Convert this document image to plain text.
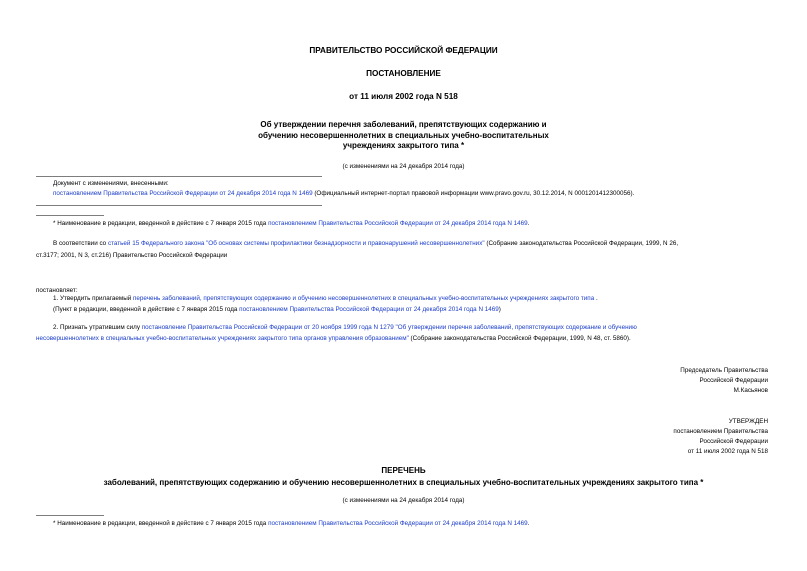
ПРАВИТЕЛЬСТВО РОССИЙСКОЙ ФЕДЕРАЦИИ
ПОСТАНОВЛЕНИЕ
от 11 июля 2002 года N 518
Об утверждении перечня заболеваний, препятствующих содержанию и
обучению несовершеннолетних в специальных учебно-воспитательных
учреждениях закрытого типа *
(с изменениями на 24 декабря 2014 года)
Документ с изменениями, внесенными:
постановлением Правительства Российской Федерации от 24 декабря 2014 года N 1469 (Официальный интернет-портал правовой информации www.pravo.gov.ru, 30.12.2014, N 0001201412300056).
* Наименование в редакции, введенной в действие с 7 января 2015 года постановлением Правительства Российской Федерации от 24 декабря 2014 года N 1469.
В соответствии со статьей 15 Федерального закона "Об основах системы профилактики безнадзорности и правонарушений несовершеннолетних" (Собрание законодательства Российской Федерации, 1999, N 26,
ст.3177; 2001, N 3, ст.216) Правительство Российской Федерации
постановляет:
1. Утвердить прилагаемый перечень заболеваний, препятствующих содержанию и обучению несовершеннолетних в специальных учебно-воспитательных учреждениях закрытого типа .
(Пункт в редакции, введенной в действие с 7 января 2015 года постановлением Правительства Российской Федерации от 24 декабря 2014 года N 1469)
2. Признать утратившим силу постановление Правительства Российской Федерации от 20 ноября 1999 года N 1279 "Об утверждении перечня заболеваний, препятствующих содержание и обучению
несовершеннолетних в специальных учебно-воспитательных учреждениях закрытого типа органов управления образованием" (Собрание законодательства Российской Федерации, 1999, N 48, ст. 5860).
Председатель Правительства
Российской Федерации
М.Касьянов
УТВЕРЖДЕН
постановлением Правительства
Российской Федерации
от 11 июля 2002 года N 518
ПЕРЕЧЕНЬ
заболеваний, препятствующих содержанию и обучению несовершеннолетних в специальных учебно-воспитательных учреждениях закрытого типа *
(с изменениями на 24 декабря 2014 года)
* Наименование в редакции, введенной в действие с 7 января 2015 года постановлением Правительства Российской Федерации от 24 декабря 2014 года N 1469.
